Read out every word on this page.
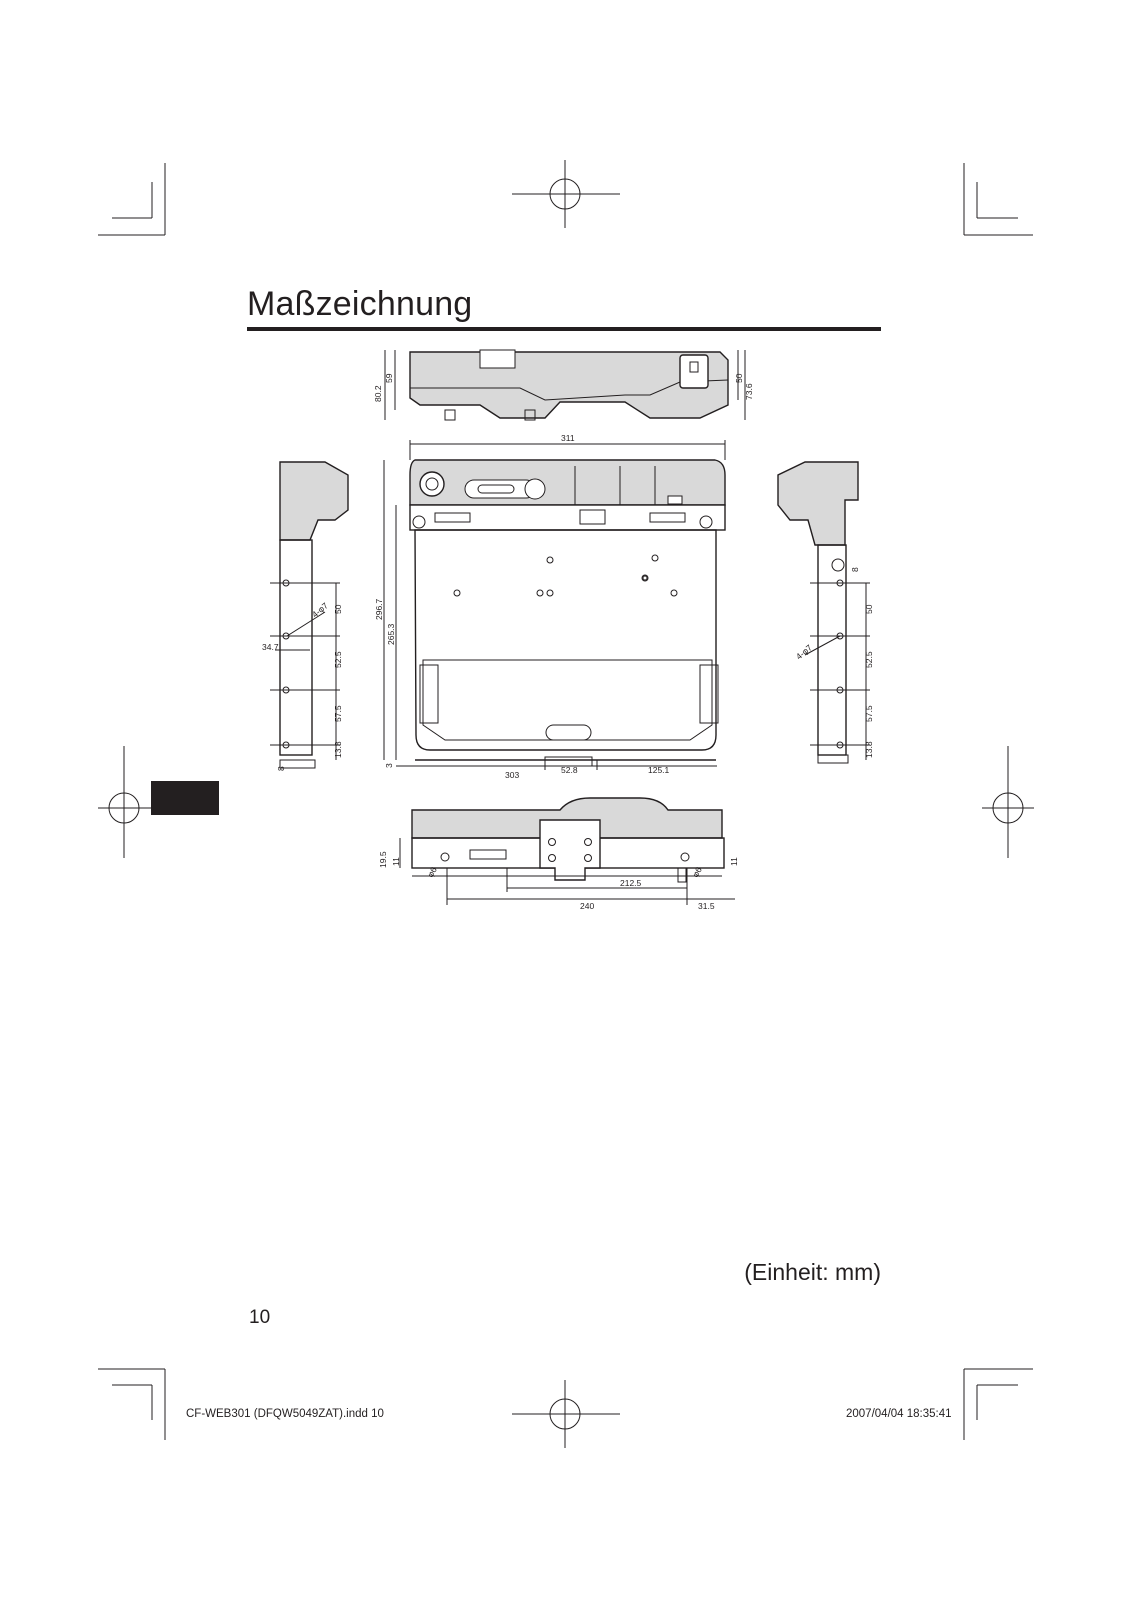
80.2
59	50
73.6
311
296.7
265.3
3
303	52.8	125.1
34.7
4-φ7 50
52.5
57.5
13.8
8
4-φ7
50
52.5
57.5
13.8
8
19.5 11	11
φ6	φ6
212.5
240	31.5
Maßzeichnung
(Einheit: mm)
10
CF-WEB301 (DFQW5049ZAT).indd 10	2007/04/04 18:35:41
